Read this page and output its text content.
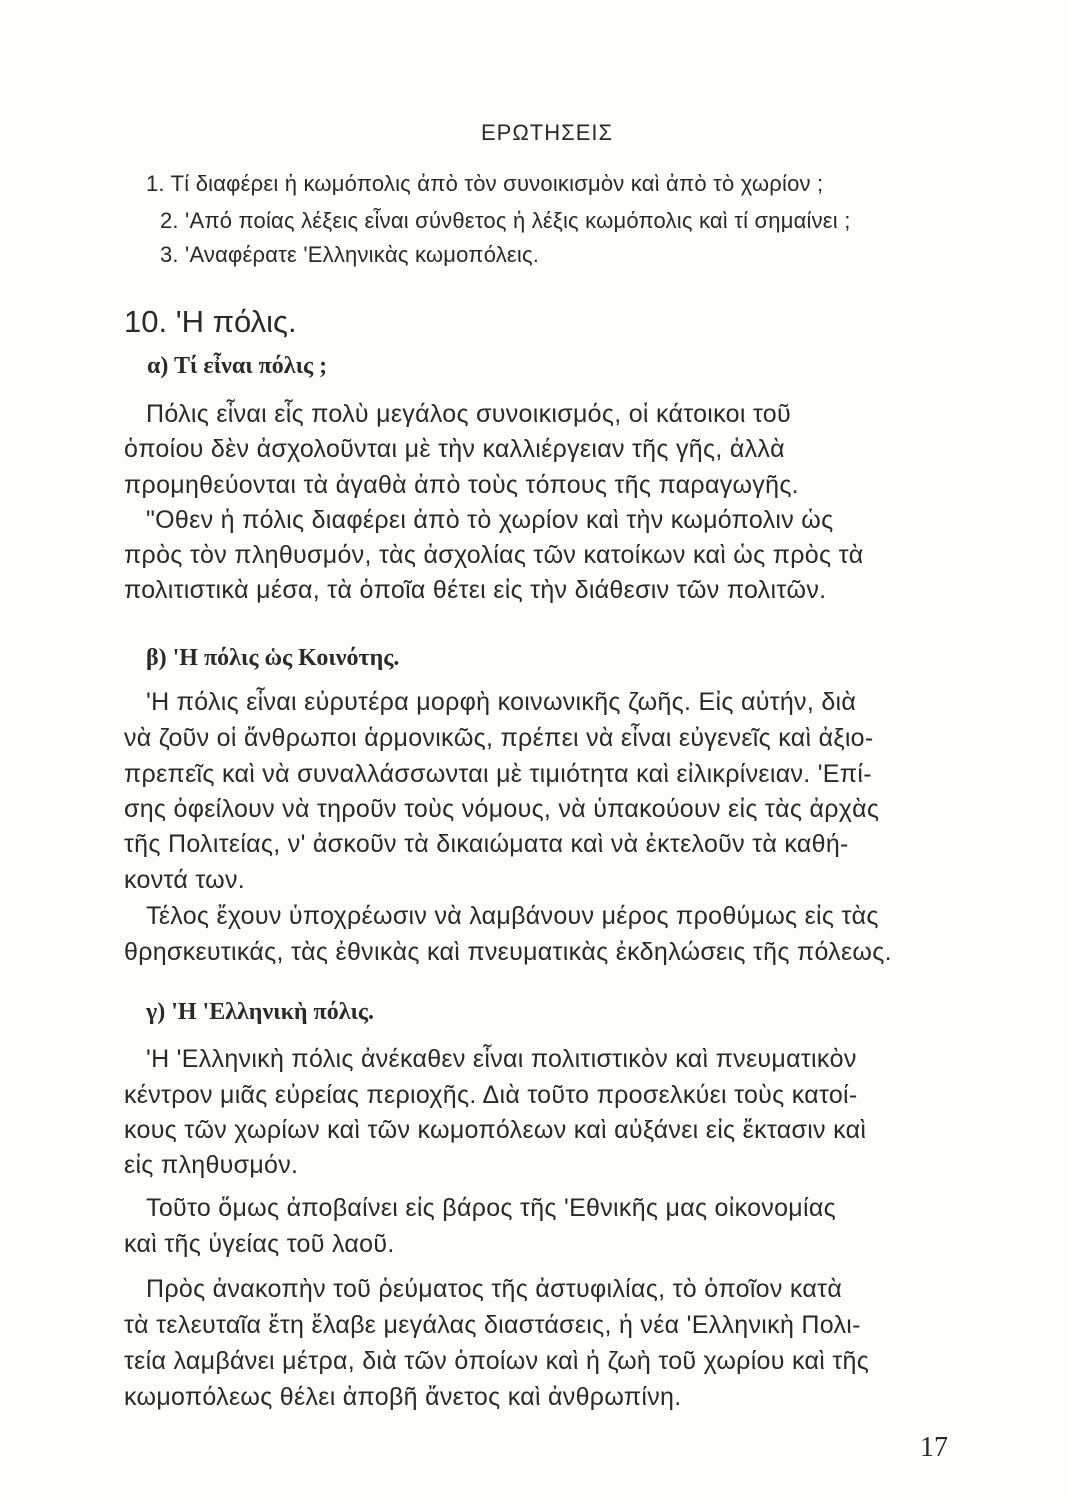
ΕΡΩΤΗΣΕΙΣ

1. Τί διαφέρει ἡ κωμόπολις ἀπὸ τὸν συνοικισμὸν καὶ ἀπὸ τὸ χωρίον ;

2. 'Από ποίας λέξεις εἶναι σύνθετος ἡ λέξις κωμόπολις καὶ τί σημαίνει ;

3. 'Αναφέρατε 'Ελληνικὰς κωμοπόλεις.

10. 'Η πόλις.

α) Τί εἶναι πόλις ;

Πόλις εἶναι εἷς πολὺ μεγάλος συνοικισμός, οἱ κάτοικοι τοῦ

ὁποίου δὲν ἀσχολοῦνται μὲ τὴν καλλιέργειαν τῆς γῆς, ἀλλὰ

προμηθεύονται τὰ ἀγαθὰ ἀπὸ τοὺς τόπους τῆς παραγωγῆς.

"Οθεν ἡ πόλις διαφέρει ἀπὸ τὸ χωρίον καὶ τὴν κωμόπολιν ὡς

πρὸς τὸν πληθυσμόν, τὰς ἀσχολίας τῶν κατοίκων καὶ ὡς πρὸς τὰ

πολιτιστικὰ μέσα, τὰ ὁποῖα θέτει εἰς τὴν διάθεσιν τῶν πολιτῶν.

β) 'Η πόλις ὡς Κοινότης.

'Η πόλις εἶναι εὐρυτέρα μορφὴ κοινωνικῆς ζωῆς. Εἰς αὐτήν, διὰ

νὰ ζοῦν οἱ ἄνθρωποι ἁρμονικῶς, πρέπει νὰ εἶναι εὐγενεῖς καὶ ἀξιο-

πρεπεῖς καὶ νὰ συναλλάσσωνται μὲ τιμιότητα καὶ εἰλικρίνειαν. 'Επί-

σης ὀφείλουν νὰ τηροῦν τοὺς νόμους, νὰ ὑπακούουν εἰς τὰς ἀρχὰς

τῆς Πολιτείας, ν' ἀσκοῦν τὰ δικαιώματα καὶ νὰ ἐκτελοῦν τὰ καθή-

κοντά των.

Τέλος ἔχουν ὑποχρέωσιν νὰ λαμβάνουν μέρος προθύμως εἰς τὰς

θρησκευτικάς, τὰς ἐθνικὰς καὶ πνευματικὰς ἐκδηλώσεις τῆς πόλεως.

γ) 'Η 'Ελληνικὴ πόλις.

'Η 'Ελληνικὴ πόλις ἀνέκαθεν εἶναι πολιτιστικὸν καὶ πνευματικὸν

κέντρον μιᾶς εὐρείας περιοχῆς. Διὰ τοῦτο προσελκύει τοὺς κατοί-

κους τῶν χωρίων καὶ τῶν κωμοπόλεων καὶ αὐξάνει εἰς ἔκτασιν καὶ

εἰς πληθυσμόν.

Τοῦτο ὅμως ἀποβαίνει εἰς βάρος τῆς 'Εθνικῆς μας οἰκονομίας

καὶ τῆς ὑγείας τοῦ λαοῦ.

Πρὸς ἀνακοπὴν τοῦ ῥεύματος τῆς ἀστυφιλίας, τὸ ὁποῖον κατὰ

τὰ τελευταῖα ἔτη ἔλαβε μεγάλας διαστάσεις, ἡ νέα 'Ελληνικὴ Πολι-

τεία λαμβάνει μέτρα, διὰ τῶν ὁποίων καὶ ἡ ζωὴ τοῦ χωρίου καὶ τῆς

κωμοπόλεως θέλει ἀποβῆ ἄνετος καὶ ἀνθρωπίνη.

17
